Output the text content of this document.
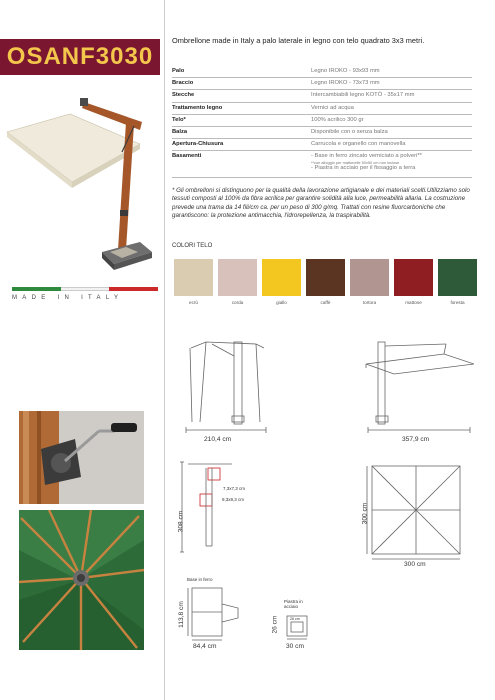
OSANF3030
MADE IN ITALY
Ombrellone made in Italy a palo laterale in legno con telo quadrato 3x3 metri.
Palo	Legno IROKO - 93x93 mm
Braccio	Legno IROKO - 73x73 mm
Stecche	Intercambiabili legno KOTÒ - 35x17 mm
Trattamento legno	Vernici ad acqua
Telo*	100% acrilico 300 gr
Balza	Disponibile con o senza balza
Apertura-Chiusura	Carrucola e organello con manovella
Basamenti	- Base in ferro zincato verniciato a polveri**
**con alloggio per mattonelle 50x50 cm non incluse
- Piastra in acciaio per il fissaggio a terra
* Gli ombrelloni si distinguono per la qualità della lavorazione artigianale e dei materiali scelti.Utilizziamo solo tessuti composti al 100% da fibra acrilica per garantire solidità alla luce, permeabilità allaria. La costruzione prevede una trama da 14 fili/cm ca. per un peso di 300 g/mq. Trattati con resine fluorcarboniche che garantiscono: la protezione antimacchia, l'idrorepellenza, la traspirabilità.
COLORI TELO
ecrù	corda	giallo	caffè	tortora	mattone	foresta
210,4 cm	357,9 cm
7,3x7,3 cm
9,3x9,3 cm
308 cm	300 cm
300 cm
Base in ferro
113,8 cm
84,4 cm
Piastra in acciaio
26 cm
26 cm
30 cm
